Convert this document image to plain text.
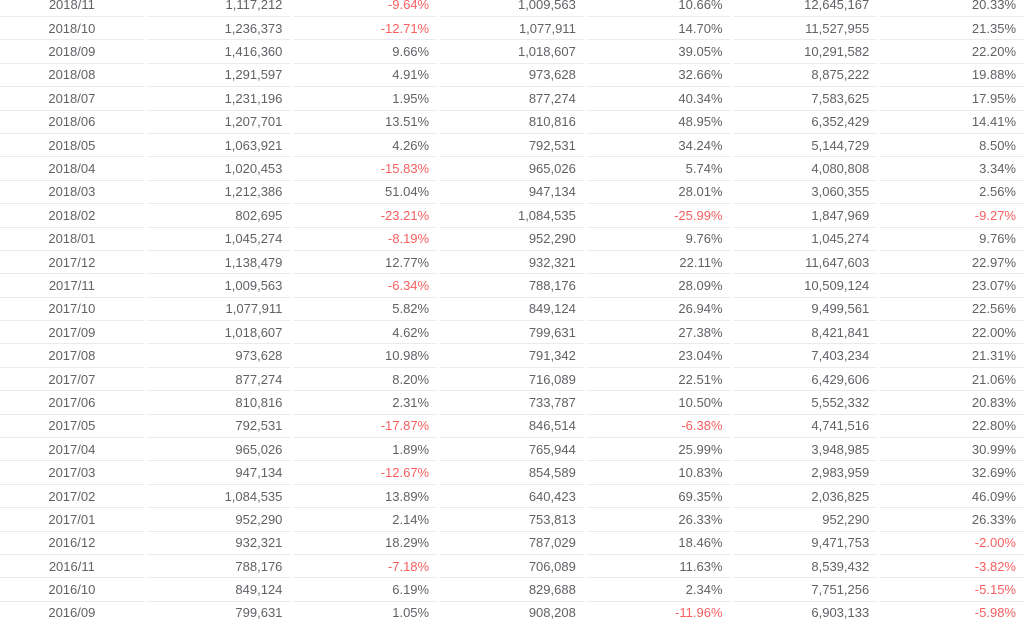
2018/11	1,117,212	-9.64%	1,009,563	10.66%	12,645,167	20.33%
2018/10	1,236,373	-12.71%	1,077,911	14.70%	11,527,955	21.35%
2018/09	1,416,360	9.66%	1,018,607	39.05%	10,291,582	22.20%
2018/08	1,291,597	4.91%	973,628	32.66%	8,875,222	19.88%
2018/07	1,231,196	1.95%	877,274	40.34%	7,583,625	17.95%
2018/06	1,207,701	13.51%	810,816	48.95%	6,352,429	14.41%
2018/05	1,063,921	4.26%	792,531	34.24%	5,144,729	8.50%
2018/04	1,020,453	-15.83%	965,026	5.74%	4,080,808	3.34%
2018/03	1,212,386	51.04%	947,134	28.01%	3,060,355	2.56%
2018/02	802,695	-23.21%	1,084,535	-25.99%	1,847,969	-9.27%
2018/01	1,045,274	-8.19%	952,290	9.76%	1,045,274	9.76%
2017/12	1,138,479	12.77%	932,321	22.11%	11,647,603	22.97%
2017/11	1,009,563	-6.34%	788,176	28.09%	10,509,124	23.07%
2017/10	1,077,911	5.82%	849,124	26.94%	9,499,561	22.56%
2017/09	1,018,607	4.62%	799,631	27.38%	8,421,841	22.00%
2017/08	973,628	10.98%	791,342	23.04%	7,403,234	21.31%
2017/07	877,274	8.20%	716,089	22.51%	6,429,606	21.06%
2017/06	810,816	2.31%	733,787	10.50%	5,552,332	20.83%
2017/05	792,531	-17.87%	846,514	-6.38%	4,741,516	22.80%
2017/04	965,026	1.89%	765,944	25.99%	3,948,985	30.99%
2017/03	947,134	-12.67%	854,589	10.83%	2,983,959	32.69%
2017/02	1,084,535	13.89%	640,423	69.35%	2,036,825	46.09%
2017/01	952,290	2.14%	753,813	26.33%	952,290	26.33%
2016/12	932,321	18.29%	787,029	18.46%	9,471,753	-2.00%
2016/11	788,176	-7.18%	706,089	11.63%	8,539,432	-3.82%
2016/10	849,124	6.19%	829,688	2.34%	7,751,256	-5.15%
2016/09	799,631	1.05%	908,208	-11.96%	6,903,133	-5.98%
